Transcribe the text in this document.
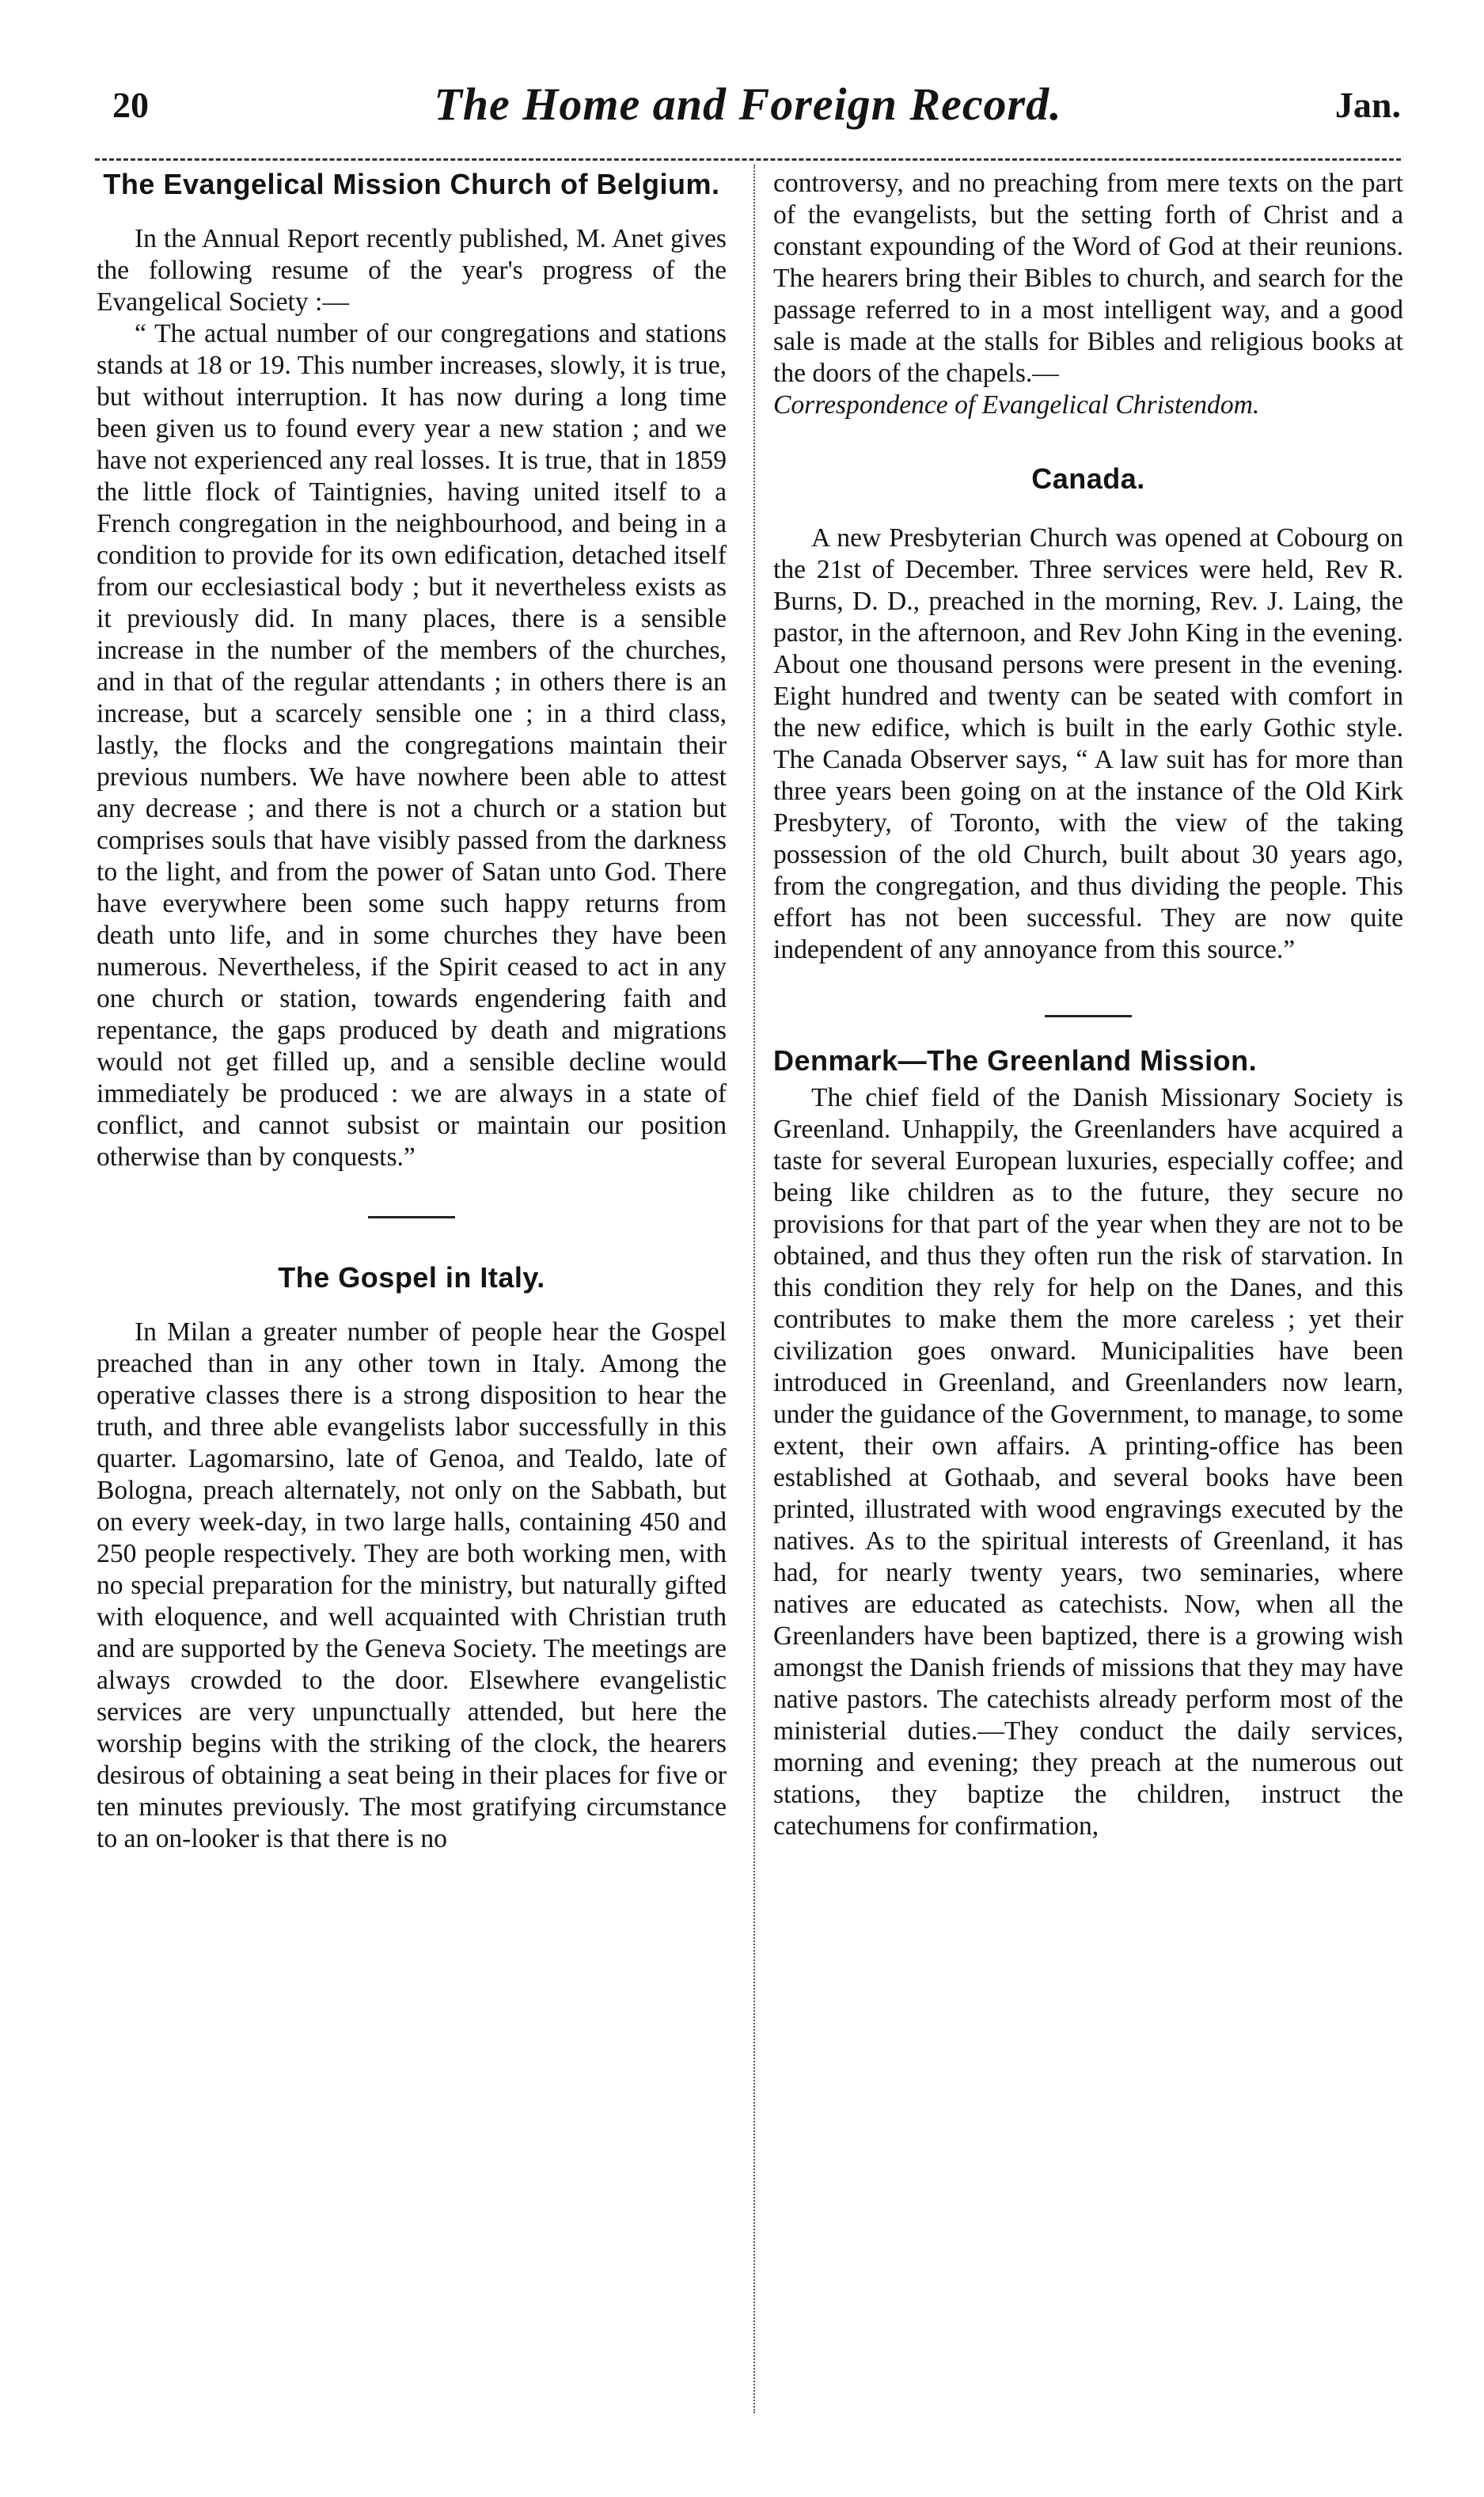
20	The Home and Foreign Record.	Jan.
The Evangelical Mission Church of Belgium.

In the Annual Report recently published, M. Anet gives the following resume of the year's progress of the Evangelical Society :—

“ The actual number of our congregations and stations stands at 18 or 19. This number increases, slowly, it is true, but without interruption. It has now during a long time been given us to found every year a new station ; and we have not experienced any real losses. It is true, that in 1859 the little flock of Taintignies, having united itself to a French congregation in the neighbourhood, and being in a condition to provide for its own edification, detached itself from our ecclesiastical body ; but it nevertheless exists as it previously did. In many places, there is a sensible increase in the number of the members of the churches, and in that of the regular attendants ; in others there is an increase, but a scarcely sensible one ; in a third class, lastly, the flocks and the congregations maintain their previous numbers. We have nowhere been able to attest any decrease ; and there is not a church or a station but comprises souls that have visibly passed from the darkness to the light, and from the power of Satan unto God. There have everywhere been some such happy returns from death unto life, and in some churches they have been numerous. Nevertheless, if the Spirit ceased to act in any one church or station, towards engendering faith and repentance, the gaps produced by death and migrations would not get filled up, and a sensible decline would immediately be produced : we are always in a state of conflict, and cannot subsist or maintain our position otherwise than by conquests.”

The Gospel in Italy.

In Milan a greater number of people hear the Gospel preached than in any other town in Italy. Among the operative classes there is a strong disposition to hear the truth, and three able evangelists labor successfully in this quarter. Lagomarsino, late of Genoa, and Tealdo, late of Bologna, preach alternately, not only on the Sabbath, but on every week-day, in two large halls, containing 450 and 250 people respectively. They are both working men, with no special preparation for the ministry, but naturally gifted with eloquence, and well acquainted with Christian truth and are supported by the Geneva Society. The meetings are always crowded to the door. Elsewhere evangelistic services are very unpunctually attended, but here the worship begins with the striking of the clock, the hearers desirous of obtaining a seat being in their places for five or ten minutes previously. The most gratifying circumstance to an on-looker is that there is no

controversy, and no preaching from mere texts on the part of the evangelists, but the setting forth of Christ and a constant expounding of the Word of God at their reunions. The hearers bring their Bibles to church, and search for the passage referred to in a most intelligent way, and a good sale is made at the stalls for Bibles and religious books at the doors of the chapels.—

Correspondence of Evangelical Christendom.

Canada.

A new Presbyterian Church was opened at Cobourg on the 21st of December. Three services were held, Rev R. Burns, D. D., preached in the morning, Rev. J. Laing, the pastor, in the afternoon, and Rev John King in the evening. About one thousand persons were present in the evening. Eight hundred and twenty can be seated with comfort in the new edifice, which is built in the early Gothic style. The Canada Observer says, “ A law suit has for more than three years been going on at the instance of the Old Kirk Presbytery, of Toronto, with the view of the taking possession of the old Church, built about 30 years ago, from the congregation, and thus dividing the people. This effort has not been successful. They are now quite independent of any annoyance from this source.”

Denmark—The Greenland Mission.

The chief field of the Danish Missionary Society is Greenland. Unhappily, the Greenlanders have acquired a taste for several European luxuries, especially coffee; and being like children as to the future, they secure no provisions for that part of the year when they are not to be obtained, and thus they often run the risk of starvation. In this condition they rely for help on the Danes, and this contributes to make them the more careless ; yet their civilization goes onward. Municipalities have been introduced in Greenland, and Greenlanders now learn, under the guidance of the Government, to manage, to some extent, their own affairs. A printing-office has been established at Gothaab, and several books have been printed, illustrated with wood engravings executed by the natives. As to the spiritual interests of Greenland, it has had, for nearly twenty years, two seminaries, where natives are educated as catechists. Now, when all the Greenlanders have been baptized, there is a growing wish amongst the Danish friends of missions that they may have native pastors. The catechists already perform most of the ministerial duties.—They conduct the daily services, morning and evening; they preach at the numerous out stations, they baptize the children, instruct the catechumens for confirmation,
